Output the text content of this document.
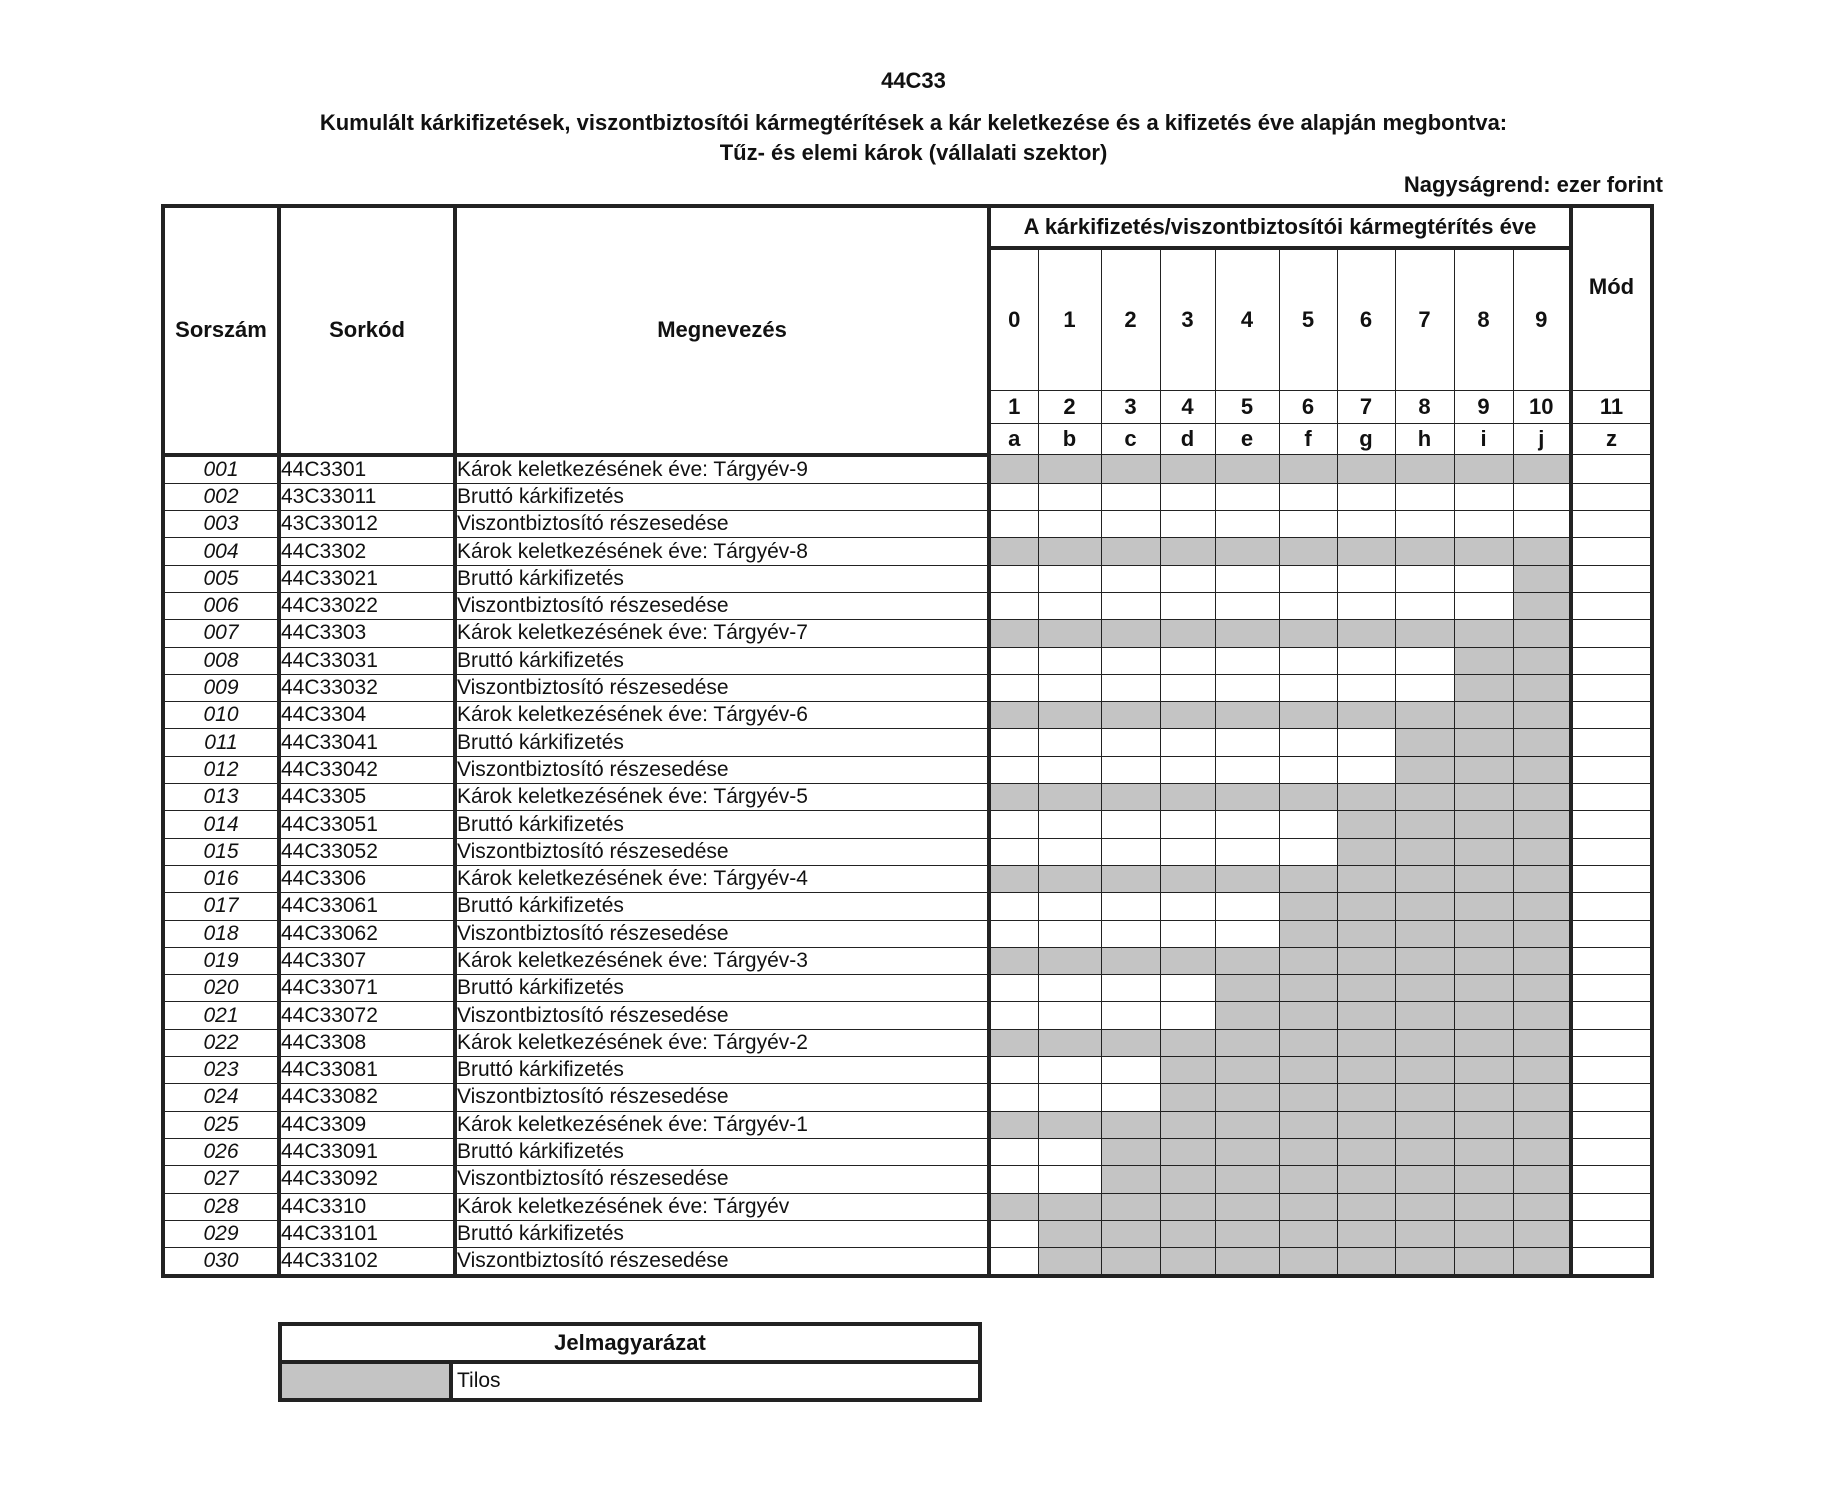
44C33
Kumulált kárkifizetések, viszontbiztosítói kármegtérítések a kár keletkezése és a kifizetés éve alapján megbontva:
Tűz- és elemi károk (vállalati szektor)
Nagyságrend: ezer forint
Sorszám	Sorkód	Megnevezés	A kárkifizetés/viszontbiztosítói kármegtérítés éve										Mód
			0	1	2	3	4	5	6	7	8	9	
			1	2	3	4	5	6	7	8	9	10	11
			a	b	c	d	e	f	g	h	i	j	z
001	44C3301	Károk keletkezésének éve: Tárgyév-9											
002	43C33011	Bruttó kárkifizetés											
003	43C33012	Viszontbiztosító részesedése											
004	44C3302	Károk keletkezésének éve: Tárgyév-8											
005	44C33021	Bruttó kárkifizetés											
006	44C33022	Viszontbiztosító részesedése											
007	44C3303	Károk keletkezésének éve: Tárgyév-7											
008	44C33031	Bruttó kárkifizetés											
009	44C33032	Viszontbiztosító részesedése											
010	44C3304	Károk keletkezésének éve: Tárgyév-6											
011	44C33041	Bruttó kárkifizetés											
012	44C33042	Viszontbiztosító részesedése											
013	44C3305	Károk keletkezésének éve: Tárgyév-5											
014	44C33051	Bruttó kárkifizetés											
015	44C33052	Viszontbiztosító részesedése											
016	44C3306	Károk keletkezésének éve: Tárgyév-4											
017	44C33061	Bruttó kárkifizetés											
018	44C33062	Viszontbiztosító részesedése											
019	44C3307	Károk keletkezésének éve: Tárgyév-3											
020	44C33071	Bruttó kárkifizetés											
021	44C33072	Viszontbiztosító részesedése											
022	44C3308	Károk keletkezésének éve: Tárgyév-2											
023	44C33081	Bruttó kárkifizetés											
024	44C33082	Viszontbiztosító részesedése											
025	44C3309	Károk keletkezésének éve: Tárgyév-1											
026	44C33091	Bruttó kárkifizetés											
027	44C33092	Viszontbiztosító részesedése											
028	44C3310	Károk keletkezésének éve: Tárgyév											
029	44C33101	Bruttó kárkifizetés											
030	44C33102	Viszontbiztosító részesedése											
Jelmagyarázat
	Tilos
